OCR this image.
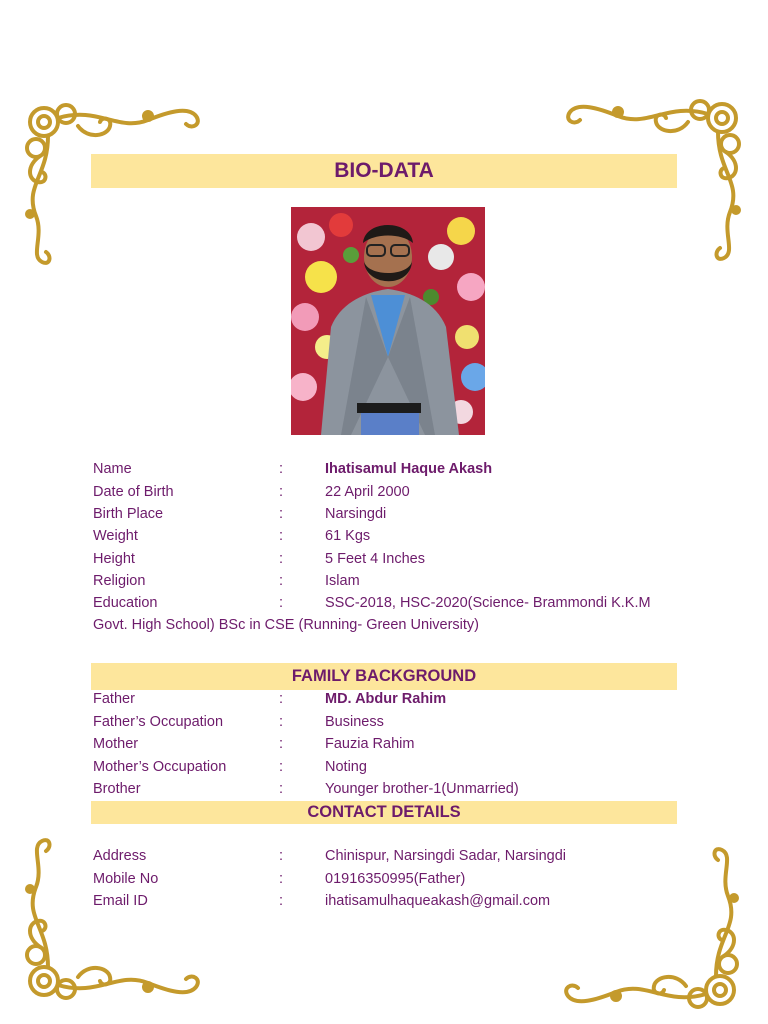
BIO-DATA
Name	:	Ihatisamul Haque Akash
Date of Birth	:	22 April 2000
Birth Place	:	Narsingdi
Weight	:	61 Kgs
Height	:	5 Feet 4 Inches
Religion	:	Islam
Education	:	SSC-2018, HSC-2020(Science- Brammondi K.K.M
Govt. High School) BSc in CSE (Running- Green University)
FAMILY BACKGROUND
Father	:	MD. Abdur Rahim
Father’s Occupation	:	Business
Mother	:	Fauzia Rahim
Mother’s Occupation	:	Noting
Brother	:	Younger brother-1(Unmarried)
CONTACT DETAILS
Address	:	Chinispur, Narsingdi Sadar, Narsingdi
Mobile No	:	01916350995(Father)
Email ID	:	ihatisamulhaqueakash@gmail.com
